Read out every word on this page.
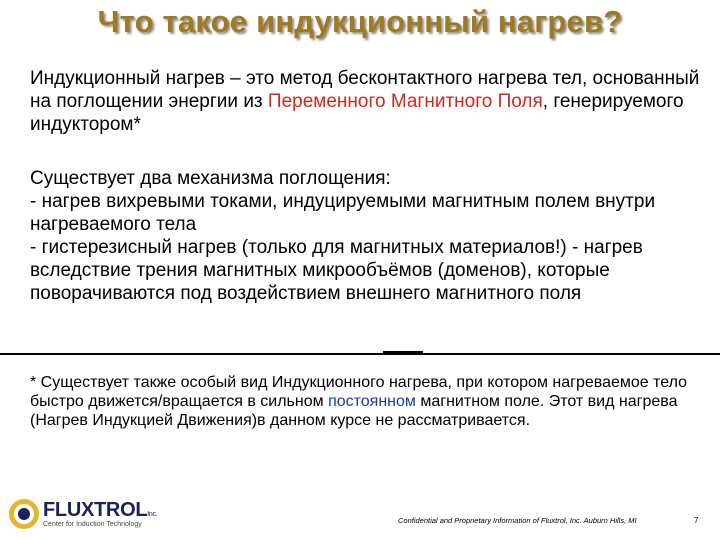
Что такое индукционный нагрев?
Индукционный нагрев – это метод бесконтактного нагрева тел, основанный на поглощении энергии из Переменного Магнитного Поля, генерируемого индуктором*
Существует два механизма поглощения:
- нагрев вихревыми токами, индуцируемыми магнитным полем внутри нагреваемого тела
- гистерезисный нагрев (только для магнитных материалов!) - нагрев вследствие трения магнитных микрообъёмов (доменов), которые поворачиваются под воздействием внешнего магнитного поля
* Существует также особый вид Индукционного нагрева, при котором нагреваемое тело быстро движется/вращается в сильном постоянном магнитном поле. Этот вид нагрева (Нагрев Индукцией Движения)в данном курсе не рассматривается.
FLUXTROLInc.
Center for Induction Technology	Confidential and Proprietary Information of Fluxtrol, Inc. Auburn Hills, MI	7
